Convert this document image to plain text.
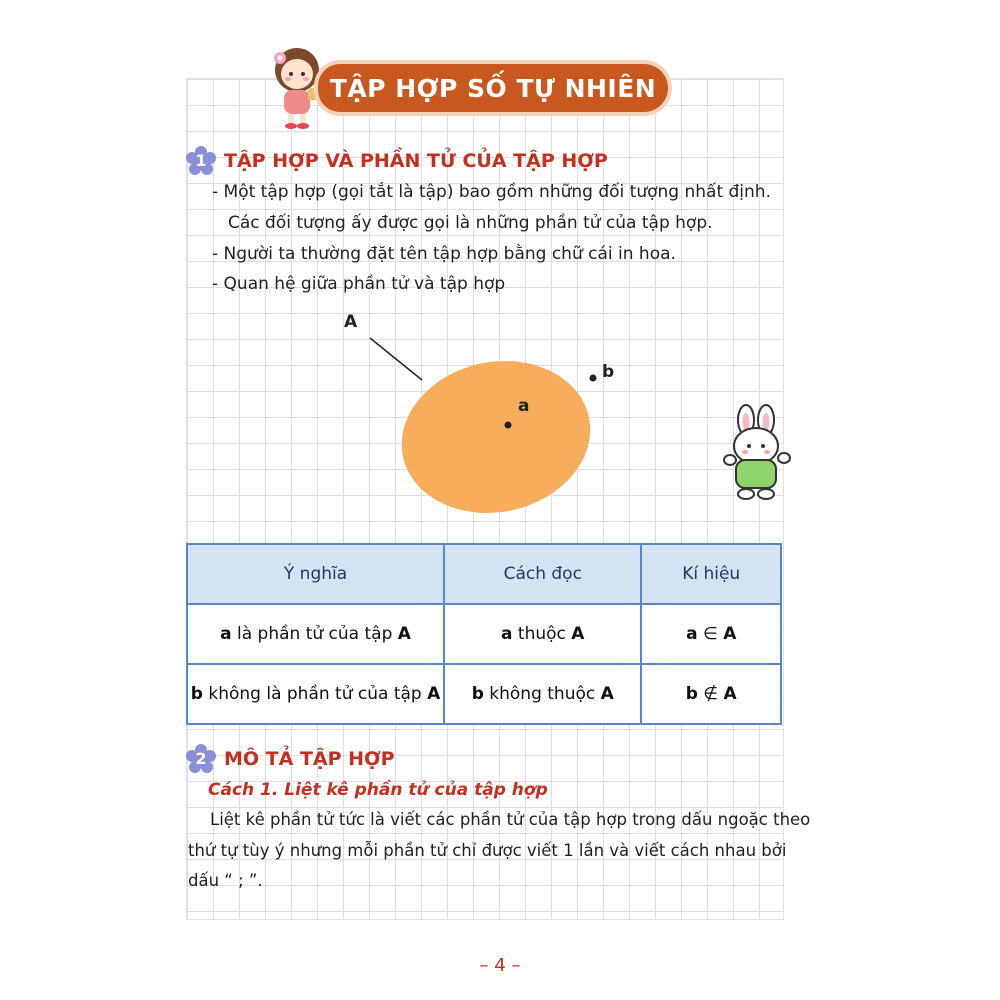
TẬP HỢP SỐ TỰ NHIÊN
1 TẬP HỢP VÀ PHẦN TỬ CỦA TẬP HỢP
- Một tập hợp (gọi tắt là tập) bao gồm những đối tượng nhất định.
Các đối tượng ấy được gọi là những phần tử của tập hợp.
- Người ta thường đặt tên tập hợp bằng chữ cái in hoa.
- Quan hệ giữa phần tử và tập hợp
A
a
b
Ý nghĩa	Cách đọc	Kí hiệu
a là phần tử của tập A	a thuộc A	a ∈ A
b không là phần tử của tập A	b không thuộc A	b ∉ A
2 MÔ TẢ TẬP HỢP
Cách 1. Liệt kê phần tử của tập hợp
Liệt kê phần tử tức là viết các phần tử của tập hợp trong dấu ngoặc theo
thứ tự tùy ý nhưng mỗi phần tử chỉ được viết 1 lần và viết cách nhau bởi
dấu “ ; ”.
– 4 –
